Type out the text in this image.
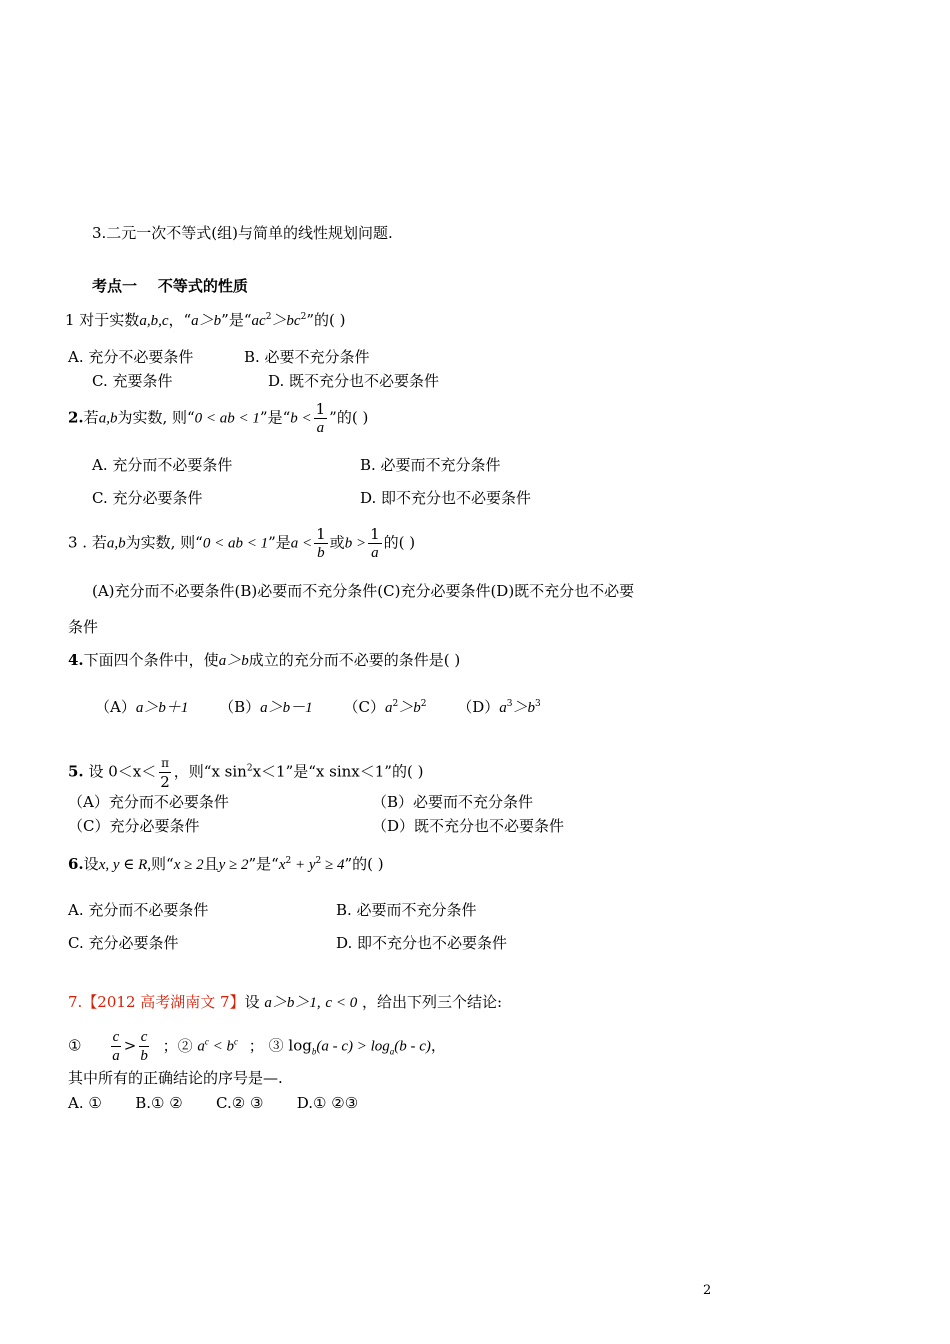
3.二元一次不等式(组)与简单的线性规划问题.
考点一    不等式的性质
1 对于实数a,b,c，“a＞b”是“$ac^2>bc^2$”的( )
A. 充分不必要条件	B. 必要不充分条件
C. 充要条件	D. 既不充分也不必要条件
2.若a,b为实数, 则“0 < ab < 1”是“$b < \frac{1}{a}$ ”的( )
A. 充分而不必要条件	B. 必要而不充分条件
C. 充分必要条件	D. 即不充分也不必要条件
3 . 若a,b为实数, 则“0 < ab < 1”是$a < \frac{1}{b}$ 或$b > \frac{1}{a}$ 的( )
(A)充分而不必要条件(B)必要而不充分条件(C)充分必要条件(D)既不充分也不必要
条件
4.下面四个条件中，使a＞b成立的充分而不必要的条件是( )
（A）a＞b＋1 （B）a＞b－1 $(C)a^2>b^2$ $(D)a^3>b^3$
5. 设 $0<x< \frac{\pi}{2}$ ，则“x $\sin^2x<1$”是“x sinx＜1”的( )
（A）充分而不必要条件	（B）必要而不充分条件
（C）充分必要条件	（D）既不充分也不必要条件
6.设x, y ∈ R,则“x ≥ 2且y ≥ 2”是“$x^2 + y^2 \ge 4$”的( )
A. 充分而不必要条件	B. 必要而不充分条件
C. 充分必要条件	D. 即不充分也不必要条件
7.【2012 高考湖南文 7】设 a＞b＞1, c < 0 ，给出下列三个结论:
① $\frac{c}{a} > \frac{c}{b}$ ；② $a^c < b^c$ ； ③ $\log_b(a - c) > \log_a(b - c)$，
其中所有的正确结论的序号是—.
A. ①       B.① ②       C.② ③       D.① ②③
2
